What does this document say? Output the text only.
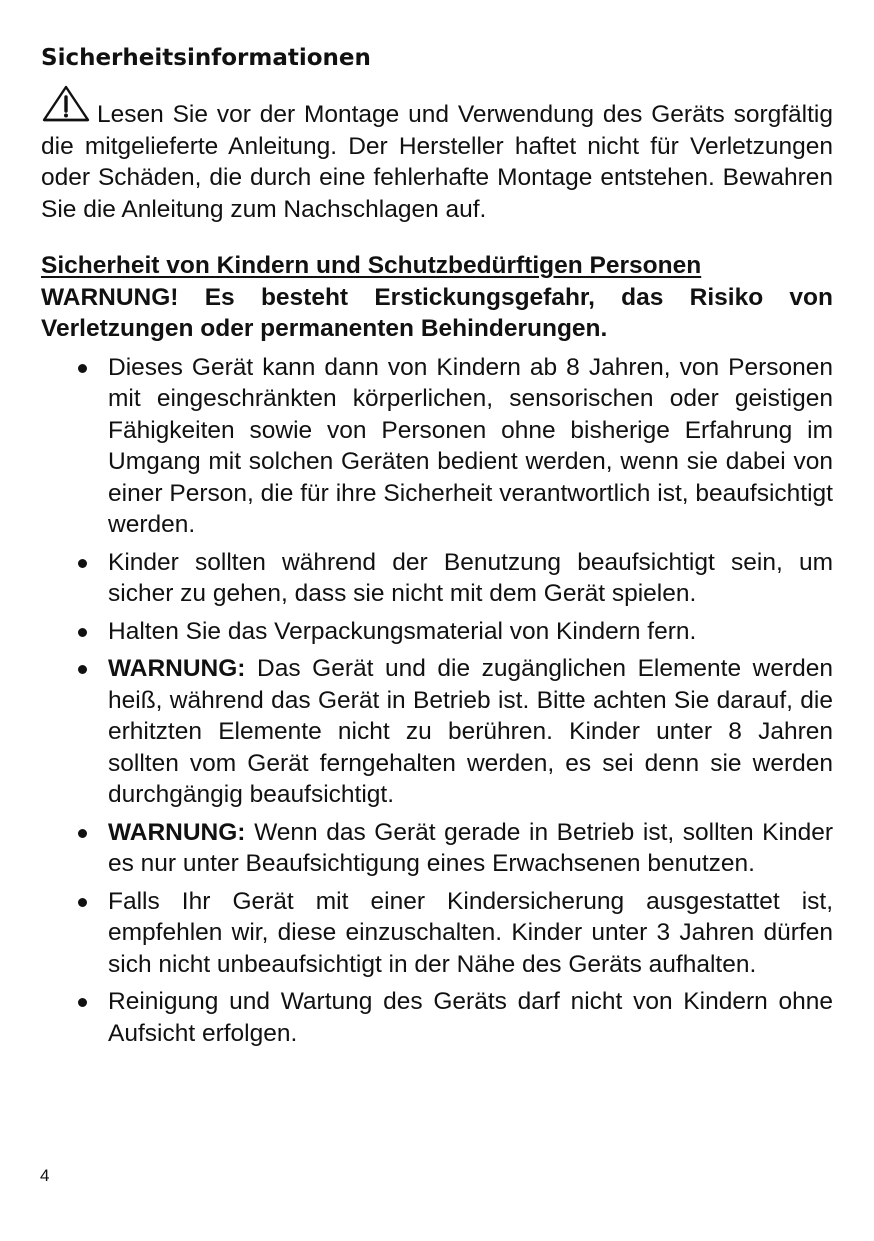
Sicherheitsinformationen

Lesen Sie vor der Montage und Verwendung des Geräts sorgfältig die mitgelieferte Anleitung. Der Hersteller haftet nicht für Verletzungen oder Schäden, die durch eine fehlerhafte Montage entstehen. Bewahren Sie die Anleitung zum Nachschlagen auf.

Sicherheit von Kindern und Schutzbedürftigen Personen
WARNUNG! Es besteht Erstickungsgefahr, das Risiko von Verletzungen oder permanenten Behinderungen.
Dieses Gerät kann dann von Kindern ab 8 Jahren, von Personen mit eingeschränkten körperlichen, sensorischen oder geistigen Fähigkeiten sowie von Personen ohne bisherige Erfahrung im Umgang mit solchen Geräten bedient werden, wenn sie dabei von einer Person, die für ihre Sicherheit verantwortlich ist, beaufsichtigt werden.
Kinder sollten während der Benutzung beaufsichtigt sein, um sicher zu gehen, dass sie nicht mit dem Gerät spielen.
Halten Sie das Verpackungsmaterial von Kindern fern.
WARNUNG: Das Gerät und die zugänglichen Elemente werden heiß, während das Gerät in Betrieb ist. Bitte achten Sie darauf, die erhitzten Elemente nicht zu berühren. Kinder unter 8 Jahren sollten vom Gerät ferngehalten werden, es sei denn sie werden durchgängig beaufsichtigt.
WARNUNG: Wenn das Gerät gerade in Betrieb ist, sollten Kinder es nur unter Beaufsichtigung eines Erwachsenen benutzen.
Falls Ihr Gerät mit einer Kindersicherung ausgestattet ist, empfehlen wir, diese einzuschalten. Kinder unter 3 Jahren dürfen sich nicht unbeaufsichtigt in der Nähe des Geräts aufhalten.
Reinigung und Wartung des Geräts darf nicht von Kindern ohne Aufsicht erfolgen.
4
